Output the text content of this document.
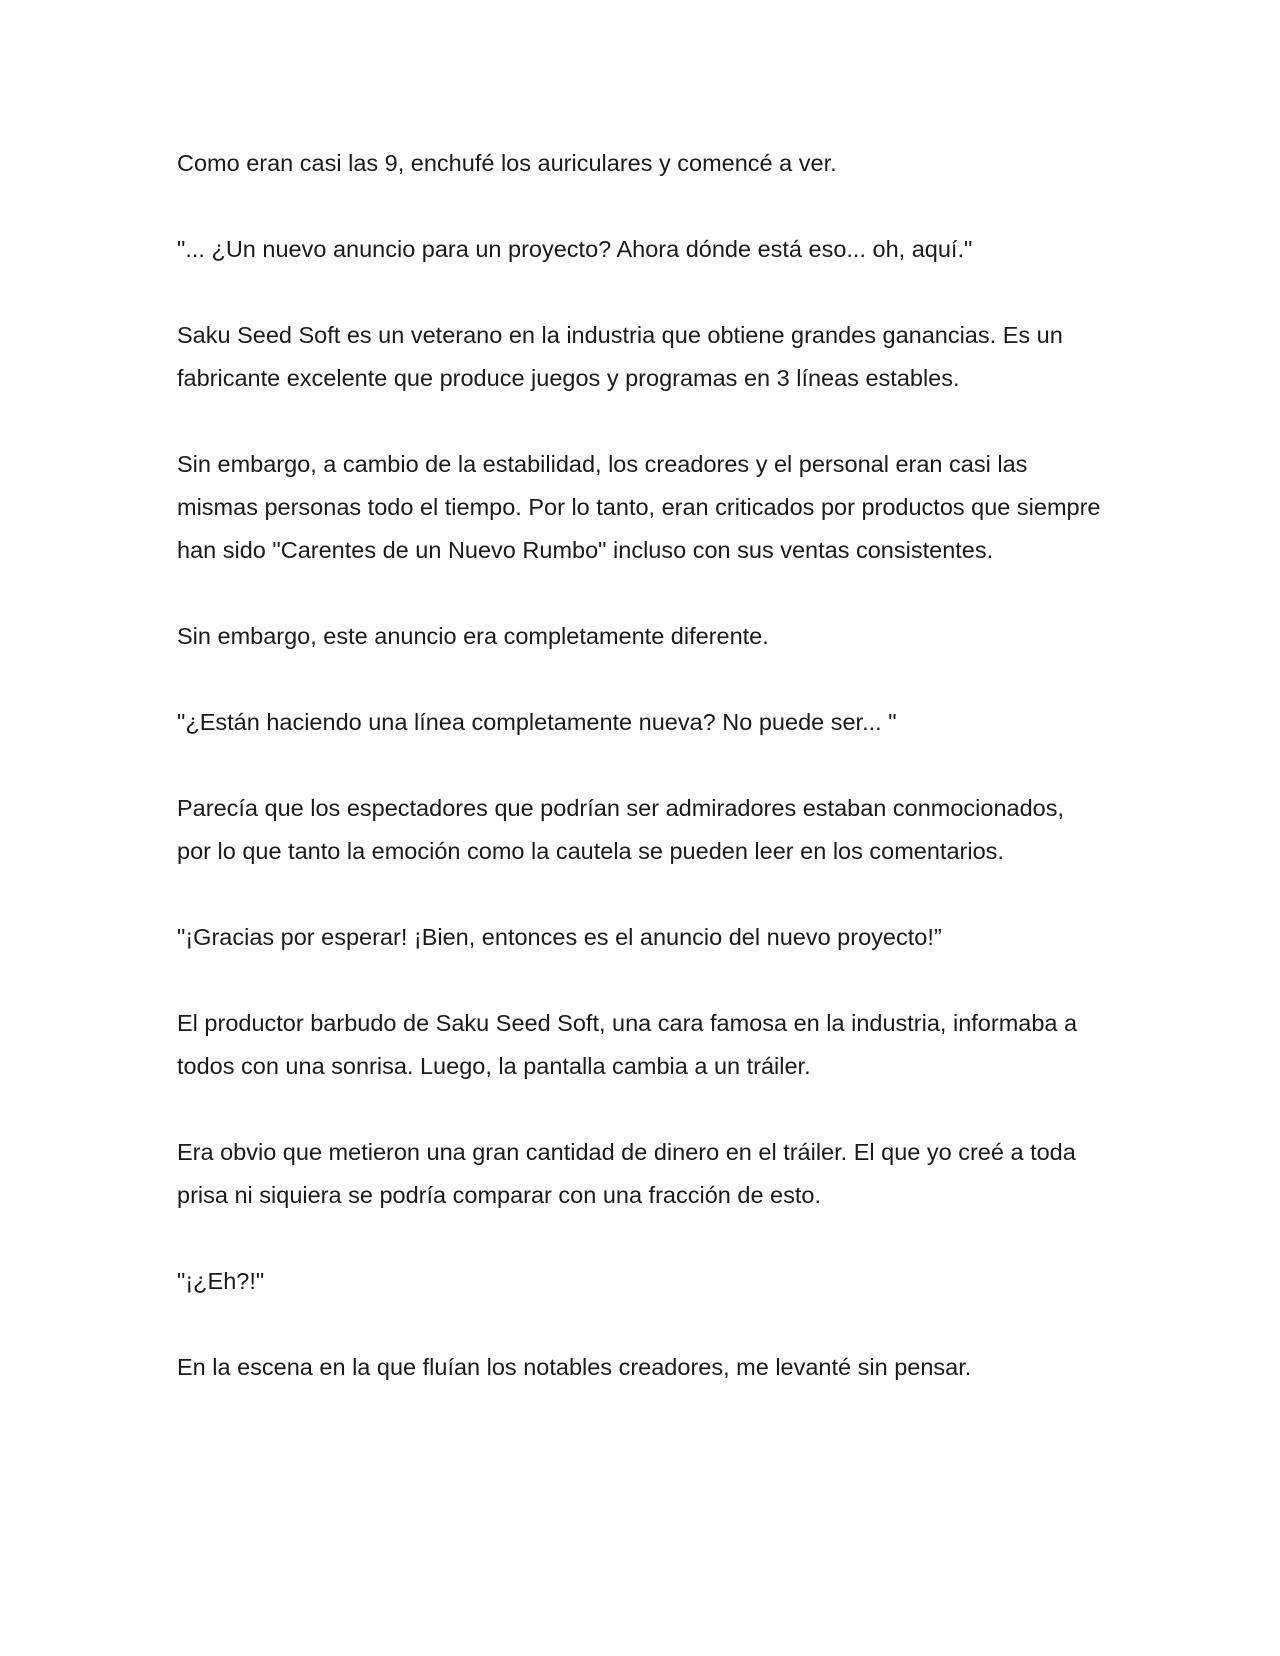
Como eran casi las 9, enchufé los auriculares y comencé a ver.

"... ¿Un nuevo anuncio para un proyecto? Ahora dónde está eso... oh, aquí."

Saku Seed Soft es un veterano en la industria que obtiene grandes ganancias. Es un fabricante excelente que produce juegos y programas en 3 líneas estables.

Sin embargo, a cambio de la estabilidad, los creadores y el personal eran casi las mismas personas todo el tiempo. Por lo tanto, eran criticados por productos que siempre han sido "Carentes de un Nuevo Rumbo" incluso con sus ventas consistentes.

Sin embargo, este anuncio era completamente diferente.

"¿Están haciendo una línea completamente nueva? No puede ser... "

Parecía que los espectadores que podrían ser admiradores estaban conmocionados, por lo que tanto la emoción como la cautela se pueden leer en los comentarios.

"¡Gracias por esperar! ¡Bien, entonces es el anuncio del nuevo proyecto!”

El productor barbudo de Saku Seed Soft, una cara famosa en la industria, informaba a todos con una sonrisa. Luego, la pantalla cambia a un tráiler.

Era obvio que metieron una gran cantidad de dinero en el tráiler. El que yo creé a toda prisa ni siquiera se podría comparar con una fracción de esto.

"¡¿Eh?!"

En la escena en la que fluían los notables creadores, me levanté sin pensar.
